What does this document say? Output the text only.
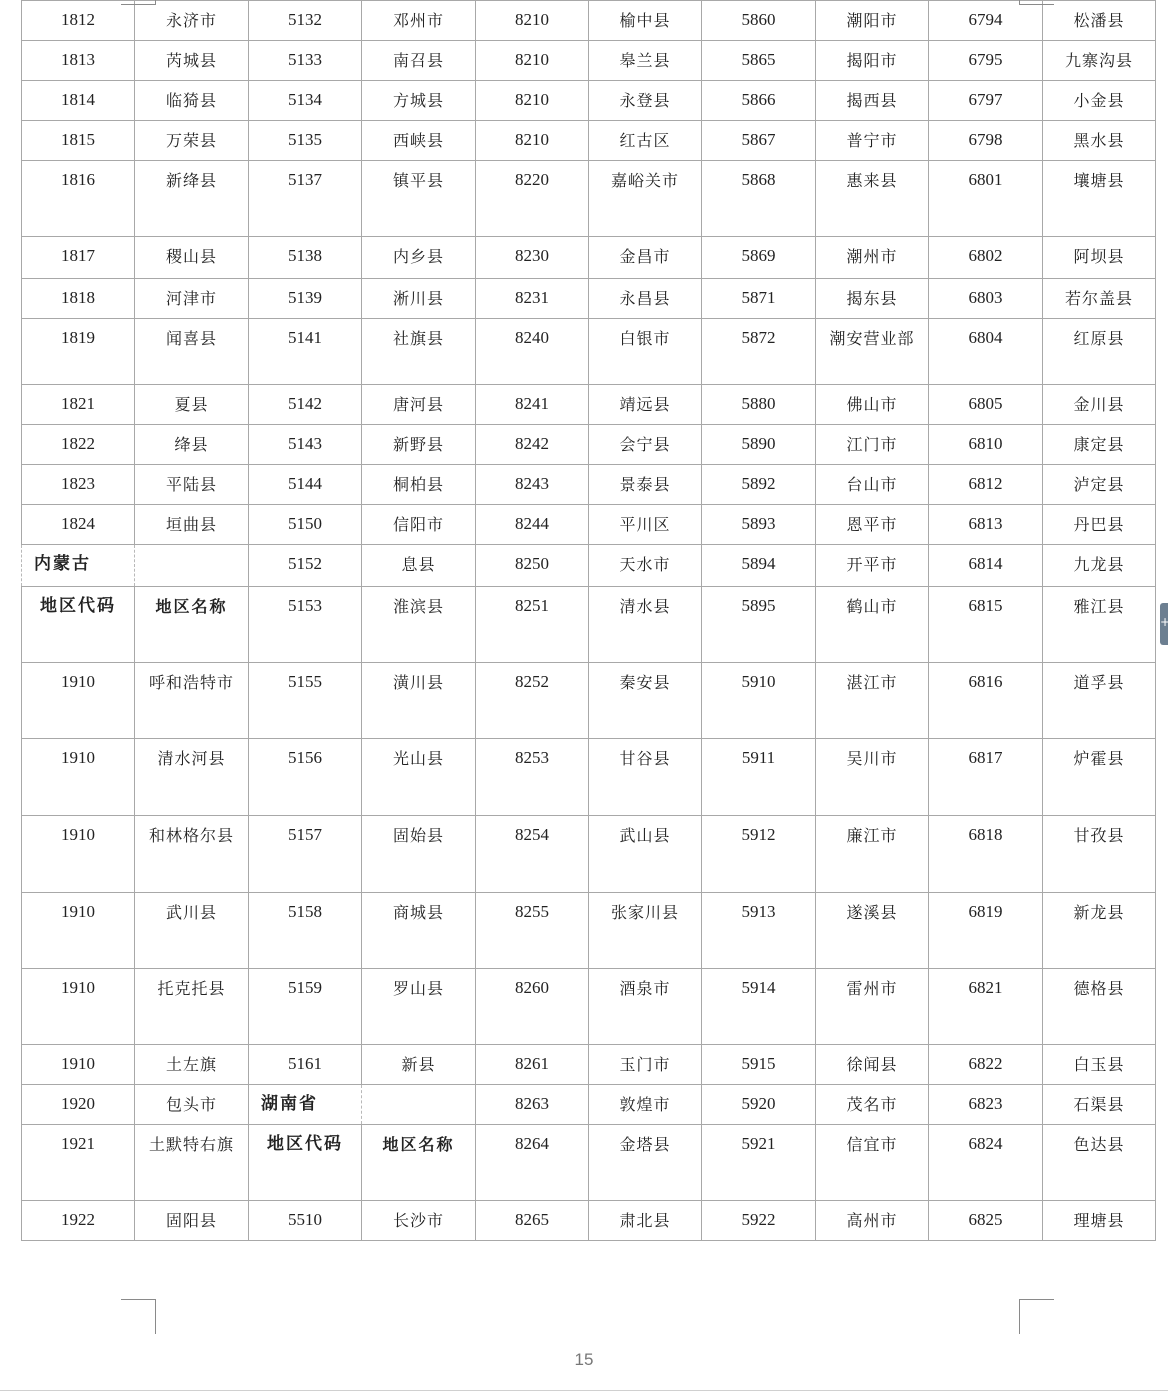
1812	永济市	5132	邓州市	8210	榆中县	5860	潮阳市	6794	松潘县
1813	芮城县	5133	南召县	8210	皋兰县	5865	揭阳市	6795	九寨沟县
1814	临猗县	5134	方城县	8210	永登县	5866	揭西县	6797	小金县
1815	万荣县	5135	西峡县	8210	红古区	5867	普宁市	6798	黑水县
1816	新绛县	5137	镇平县	8220	嘉峪关市	5868	惠来县	6801	壤塘县
1817	稷山县	5138	内乡县	8230	金昌市	5869	潮州市	6802	阿坝县
1818	河津市	5139	淅川县	8231	永昌县	5871	揭东县	6803	若尔盖县
1819	闻喜县	5141	社旗县	8240	白银市	5872	潮安营业部	6804	红原县
1821	夏县	5142	唐河县	8241	靖远县	5880	佛山市	6805	金川县
1822	绛县	5143	新野县	8242	会宁县	5890	江门市	6810	康定县
1823	平陆县	5144	桐柏县	8243	景泰县	5892	台山市	6812	泸定县
1824	垣曲县	5150	信阳市	8244	平川区	5893	恩平市	6813	丹巴县
内蒙古		5152	息县	8250	天水市	5894	开平市	6814	九龙县
地区代码	地区名称	5153	淮滨县	8251	清水县	5895	鹤山市	6815	雅江县
1910	呼和浩特市	5155	潢川县	8252	秦安县	5910	湛江市	6816	道孚县
1910	清水河县	5156	光山县	8253	甘谷县	5911	吴川市	6817	炉霍县
1910	和林格尔县	5157	固始县	8254	武山县	5912	廉江市	6818	甘孜县
1910	武川县	5158	商城县	8255	张家川县	5913	遂溪县	6819	新龙县
1910	托克托县	5159	罗山县	8260	酒泉市	5914	雷州市	6821	德格县
1910	土左旗	5161	新县	8261	玉门市	5915	徐闻县	6822	白玉县
1920	包头市	湖南省		8263	敦煌市	5920	茂名市	6823	石渠县
1921	土默特右旗	地区代码	地区名称	8264	金塔县	5921	信宜市	6824	色达县
1922	固阳县	5510	长沙市	8265	肃北县	5922	高州市	6825	理塘县
15
+
